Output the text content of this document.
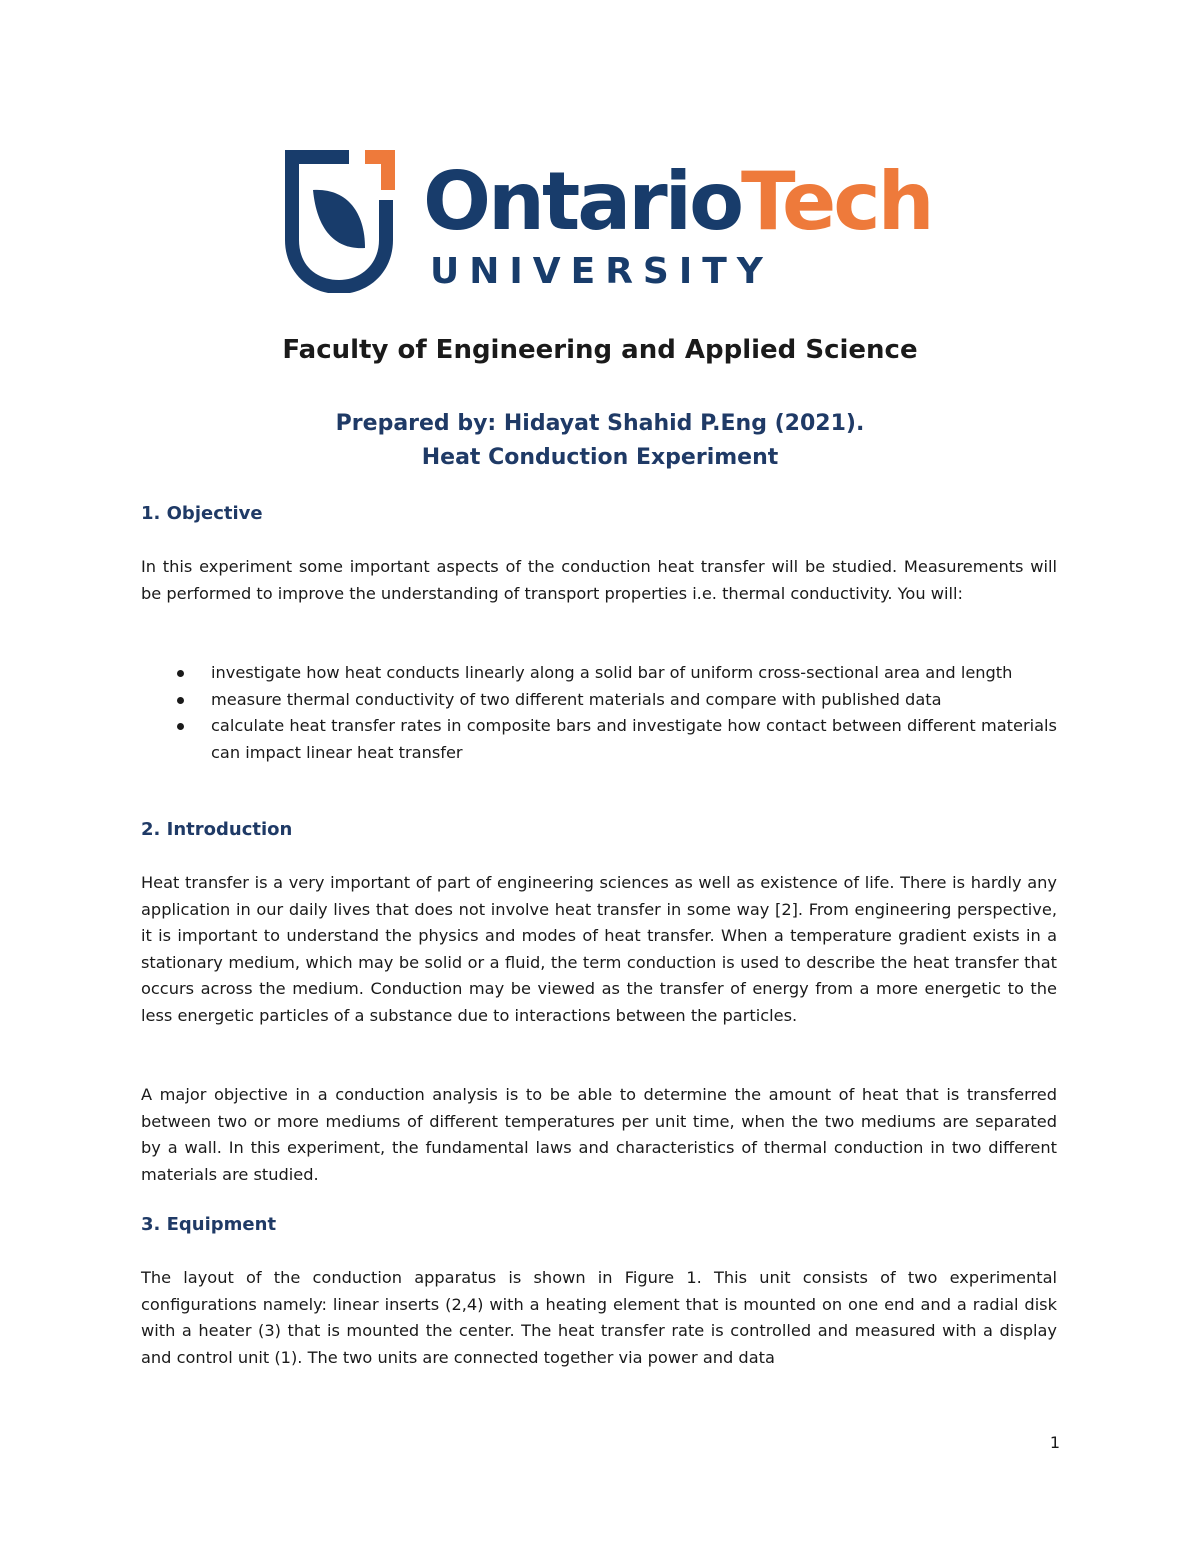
OntarioTech
UNIVERSITY
Faculty of Engineering and Applied Science
Prepared by: Hidayat Shahid P.Eng (2021).
Heat Conduction Experiment
1. Objective
In this experiment some important aspects of the conduction heat transfer will be studied. Measurements will be performed to improve the understanding of transport properties i.e. thermal conductivity. You will:
investigate how heat conducts linearly along a solid bar of uniform cross-sectional area and length
measure thermal conductivity of two different materials and compare with published data
calculate heat transfer rates in composite bars and investigate how contact between different materials can impact linear heat transfer
2. Introduction
Heat transfer is a very important of part of engineering sciences as well as existence of life. There is hardly any application in our daily lives that does not involve heat transfer in some way [2]. From engineering perspective, it is important to understand the physics and modes of heat transfer. When a temperature gradient exists in a stationary medium, which may be solid or a fluid, the term conduction is used to describe the heat transfer that occurs across the medium. Conduction may be viewed as the transfer of energy from a more energetic to the less energetic particles of a substance due to interactions between the particles.
A major objective in a conduction analysis is to be able to determine the amount of heat that is transferred between two or more mediums of different temperatures per unit time, when the two mediums are separated by a wall. In this experiment, the fundamental laws and characteristics of thermal conduction in two different materials are studied.
3. Equipment
The layout of the conduction apparatus is shown in Figure 1. This unit consists of two experimental configurations namely: linear inserts (2,4) with a heating element that is mounted on one end and a radial disk with a heater (3) that is mounted the center. The heat transfer rate is controlled and measured with a display and control unit (1). The two units are connected together via power and data
1
